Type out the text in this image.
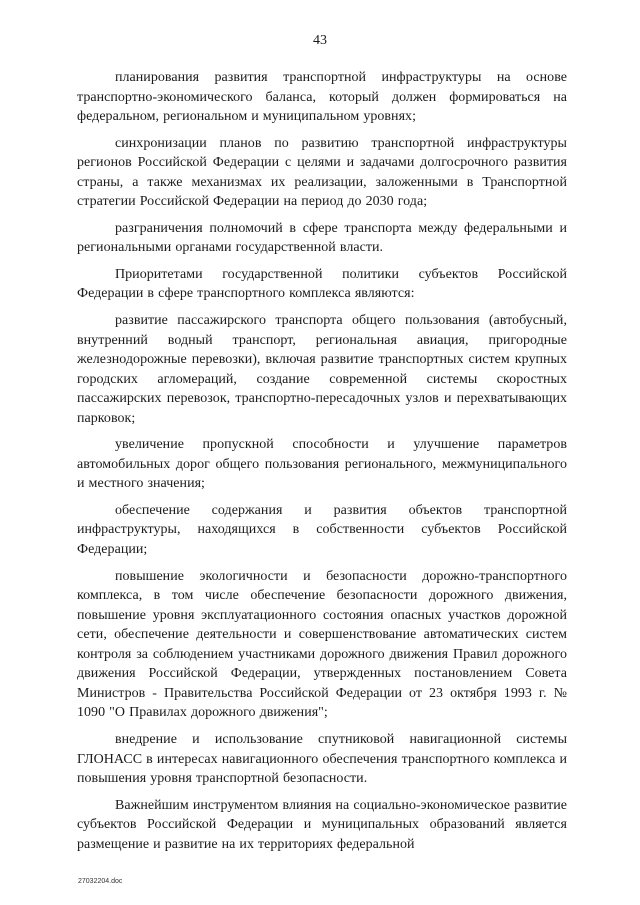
43

планирования развития транспортной инфраструктуры на основе транспортно-экономического баланса, который должен формироваться на федеральном, региональном и муниципальном уровнях;

синхронизации планов по развитию транспортной инфраструктуры регионов Российской Федерации с целями и задачами долгосрочного развития страны, а также механизмах их реализации, заложенными в Транспортной стратегии Российской Федерации на период до 2030 года;

разграничения полномочий в сфере транспорта между федеральными и региональными органами государственной власти.

Приоритетами государственной политики субъектов Российской Федерации в сфере транспортного комплекса являются:

развитие пассажирского транспорта общего пользования (автобусный, внутренний водный транспорт, региональная авиация, пригородные железнодорожные перевозки), включая развитие транспортных систем крупных городских агломераций, создание современной системы скоростных пассажирских перевозок, транспортно-пересадочных узлов и перехватывающих парковок;

увеличение пропускной способности и улучшение параметров автомобильных дорог общего пользования регионального, межмуниципального и местного значения;

обеспечение содержания и развития объектов транспортной инфраструктуры, находящихся в собственности субъектов Российской Федерации;

повышение экологичности и безопасности дорожно-транспортного комплекса, в том числе обеспечение безопасности дорожного движения, повышение уровня эксплуатационного состояния опасных участков дорожной сети, обеспечение деятельности и совершенствование автоматических систем контроля за соблюдением участниками дорожного движения Правил дорожного движения Российской Федерации, утвержденных постановлением Совета Министров - Правительства Российской Федерации от 23 октября 1993 г. № 1090 "О Правилах дорожного движения";

внедрение и использование спутниковой навигационной системы ГЛОНАСС в интересах навигационного обеспечения транспортного комплекса и повышения уровня транспортной безопасности.

Важнейшим инструментом влияния на социально-экономическое развитие субъектов Российской Федерации и муниципальных образований является размещение и развитие на их территориях федеральной

27032204.doc
